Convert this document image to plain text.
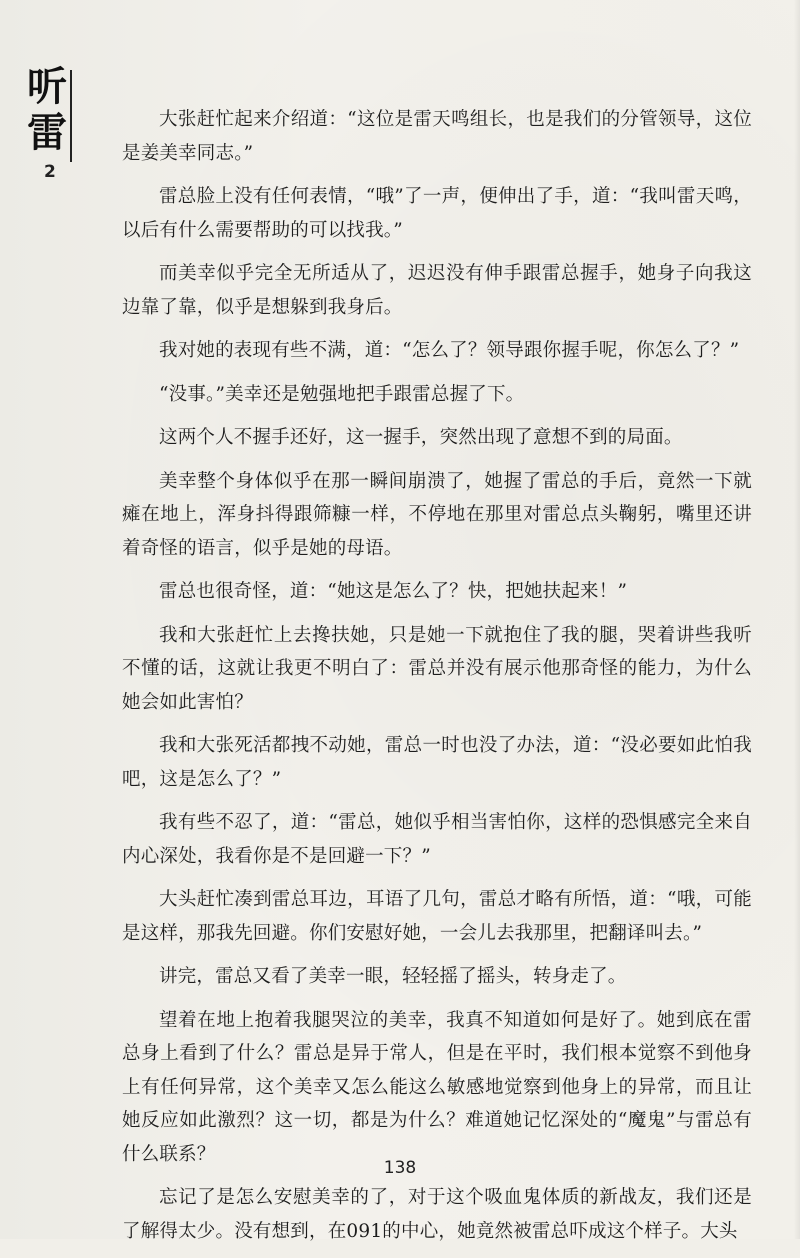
听雷
2

大张赶忙起来介绍道：“这位是雷天鸣组长，也是我们的分管领导，这位是姜美幸同志。”

雷总脸上没有任何表情，“哦”了一声，便伸出了手，道：“我叫雷天鸣，以后有什么需要帮助的可以找我。”

而美幸似乎完全无所适从了，迟迟没有伸手跟雷总握手，她身子向我这边靠了靠，似乎是想躲到我身后。

我对她的表现有些不满，道：“怎么了？领导跟你握手呢，你怎么了？”

“没事。”美幸还是勉强地把手跟雷总握了下。

这两个人不握手还好，这一握手，突然出现了意想不到的局面。

美幸整个身体似乎在那一瞬间崩溃了，她握了雷总的手后，竟然一下就瘫在地上，浑身抖得跟筛糠一样，不停地在那里对雷总点头鞠躬，嘴里还讲着奇怪的语言，似乎是她的母语。

雷总也很奇怪，道：“她这是怎么了？快，把她扶起来！”

我和大张赶忙上去搀扶她，只是她一下就抱住了我的腿，哭着讲些我听不懂的话，这就让我更不明白了：雷总并没有展示他那奇怪的能力，为什么她会如此害怕？

我和大张死活都拽不动她，雷总一时也没了办法，道：“没必要如此怕我吧，这是怎么了？”

我有些不忍了，道：“雷总，她似乎相当害怕你，这样的恐惧感完全来自内心深处，我看你是不是回避一下？”

大头赶忙凑到雷总耳边，耳语了几句，雷总才略有所悟，道：“哦，可能是这样，那我先回避。你们安慰好她，一会儿去我那里，把翻译叫去。”

讲完，雷总又看了美幸一眼，轻轻摇了摇头，转身走了。

望着在地上抱着我腿哭泣的美幸，我真不知道如何是好了。她到底在雷总身上看到了什么？雷总是异于常人，但是在平时，我们根本觉察不到他身上有任何异常，这个美幸又怎么能这么敏感地觉察到他身上的异常，而且让她反应如此激烈？这一切，都是为什么？难道她记忆深处的“魔鬼”与雷总有什么联系？

忘记了是怎么安慰美幸的了，对于这个吸血鬼体质的新战友，我们还是了解得太少。没有想到，在091的中心，她竟然被雷总吓成这个样子。大头

138
